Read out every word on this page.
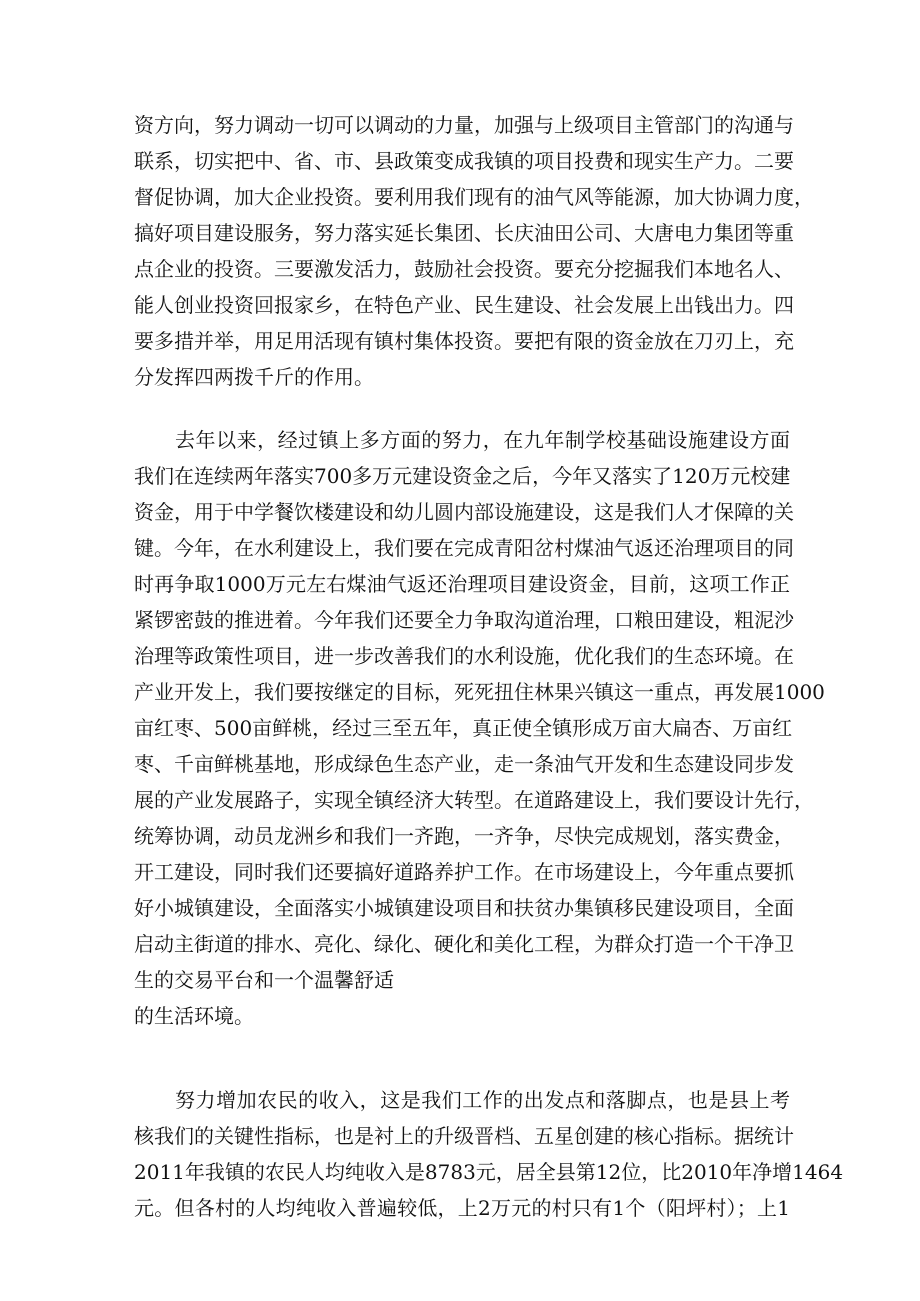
资方向，努力调动一切可以调动的力量，加强与上级项目主管部门的沟通与
联系，切实把中、省、市、县政策变成我镇的项目投费和现实生产力。二要
督促协调，加大企业投资。要利用我们现有的油气风等能源，加大协调力度，
搞好项目建设服务，努力落实延长集团、长庆油田公司、大唐电力集团等重
点企业的投资。三要激发活力，鼓励社会投资。要充分挖掘我们本地名人、
能人创业投资回报家乡，在特色产业、民生建设、社会发展上出钱出力。四
要多措并举，用足用活现有镇村集体投资。要把有限的资金放在刀刃上，充
分发挥四两拨千斤的作用。
　　去年以来，经过镇上多方面的努力，在九年制学校基础设施建设方面
我们在连续两年落实700多万元建设资金之后，今年又落实了120万元校建
资金，用于中学餐饮楼建设和幼儿圆内部设施建设，这是我们人才保障的关
键。今年，在水利建设上，我们要在完成青阳岔村煤油气返还治理项目的同
时再争取1000万元左右煤油气返还治理项目建设资金，目前，这项工作正
紧锣密鼓的推进着。今年我们还要全力争取沟道治理，口粮田建设，粗泥沙
治理等政策性项目，进一步改善我们的水利设施，优化我们的生态环境。在
产业开发上，我们要按继定的目标，死死扭住林果兴镇这一重点，再发展1000
亩红枣、500亩鲜桃，经过三至五年，真正使全镇形成万亩大扁杏、万亩红
枣、千亩鲜桃基地，形成绿色生态产业，走一条油气开发和生态建设同步发
展的产业发展路子，实现全镇经济大转型。在道路建设上，我们要设计先行，
统筹协调，动员龙洲乡和我们一齐跑，一齐争，尽快完成规划，落实费金，
开工建设，同时我们还要搞好道路养护工作。在市场建设上，今年重点要抓
好小城镇建设，全面落实小城镇建设项目和扶贫办集镇移民建设项目，全面
启动主街道的排水、亮化、绿化、硬化和美化工程，为群众打造一个干净卫
生的交易平台和一个温馨舒适
的生活环境。
　　努力增加农民的收入，这是我们工作的出发点和落脚点，也是县上考
核我们的关键性指标，也是衬上的升级晋档、五星创建的核心指标。据统计
2011年我镇的农民人均纯收入是8783元，居全县第12位，比2010年净增1464
元。但各村的人均纯收入普遍较低，上2万元的村只有1个（阳坪村）；上1
